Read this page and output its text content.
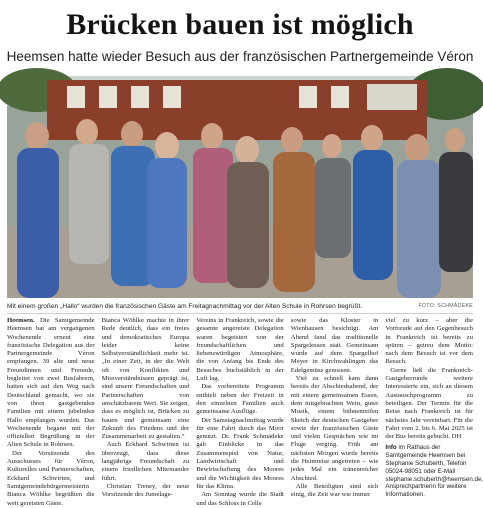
Brücken bauen ist möglich
Heemsen hatte wieder Besuch aus der französischen Partnergemeinde Véron
Mit einem großen „Hallo“ wurden die französischen Gäste am Freitagnachmittag vor der Alten Schule in Rohrsen begrüßt.	FOTO: SCHMÄDEKE

Heemsen. Die Samtgemeinde Heemsen hat am vergangenen Wochenende erneut eine französische Delegation aus der Partnergemeinde Véron empfangen. 39 alte und neue Freundinnen und Freunde, begleitet von zwei Busfahrern, hatten sich auf den Weg nach Deutschland gemacht, wo sie von ihren gastgebenden Familien mit einem jubelnden Hallo empfangen wurden. Das Wochenende begann mit der offiziellen Begrüßung in der Alten Schule in Rohrsen.

Der Vorsitzende des Ausschusses für Véron, Kulturelles und Partnerschaften, Eckhard Schwirten, und Samtgemeindebürgermeisterin Bianca Wöhlke begrüßten die weit gereisten Gäste.

Bianca Wöhlke machte in ihrer Rede deutlich, dass ein freies und demokratisches Europa leider keine Selbstverständlichkeit mehr ist. „In einer Zeit, in der die Welt oft von Konflikten und Missverständnissen geprägt ist, sind unsere Freundschaften und Partnerschaften von unschätzbarem Wert. Sie zeigen, dass es möglich ist, Brücken zu bauen und gemeinsam eine Zukunft des Friedens und der Zusammenarbeit zu gestalten.“

Auch Eckhard Schwirten ist überzeugt, dass diese langjährige Freundschaft zu einem friedlichen Miteinander führt.

Christian Treney, der neue Vorsitzende des Jumelage-

Vereins in Frankreich, sowie die gesamte angereiste Delegation waren begeistert von der freundschaftlichen und liebenswürdigen Atmosphäre, die von Anfang bis Ende des Besuches buchstäblich in der Luft lag.

Das vorbereitete Programm enthielt neben der Freizeit in den einzelnen Familien auch gemeinsame Ausflüge.

Der Samstagnachmittag wurde für eine Fahrt durch das Moor genutzt. Dr. Frank Schmädeke gab Einblicke in das Zusammenspiel von Natur, Landwirtschaft und Bewirtschaftung des Moores und die Wichtigkeit des Moores für das Klima.

Am Sonntag wurde die Stadt und das Schloss in Celle

sowie das Kloster in Wienhausen besichtigt. Am Abend fand das traditionelle Spargelessen statt. Gemeinsam wurde auf dem Spargelhof Meyer in Kirchwahlingen das Edelgemüse genossen.

Viel zu schnell kam dann bereits der Abschiedsabend, der mit einem gemeinsamen Essen, dem mitgebrachten Wein, guter Musik, einem bühnenreifen Sketch der deutschen Gastgeber sowie der französischen Gäste und vielen Gesprächen wie im Fluge verging. Früh am nächsten Morgen wurde bereits die Heimreise angetreten – wie jedes Mal ein tränenreicher Abschied.

Alle Beteiligten sind sich einig, die Zeit war wie immer

viel zu kurz – aber die Vorfreude auf den Gegenbesuch in Frankreich ist bereits zu spüren – getreu dem Motto: nach dem Besuch ist vor dem Besuch.

Gerne ließ die Frankreich-Gastgeberrunde weitere Interessierte ein, sich an diesem Austauschprogramm zu beteiligen. Der Termin für die Reise nach Frankreich ist für nächstes Jahr vereinbart. Für die Fahrt vom 2. bis 6. Mai 2025 ist der Bus bereits gebucht. DH

Info im Rathaus der Samtgemeinde Heemsen bei Stephanie Schuberth, Telefon 05024-98051 oder E-Mail stephanie.schuberth@heemsen.de, Ansprechpartnerin für weitere Informationen.
